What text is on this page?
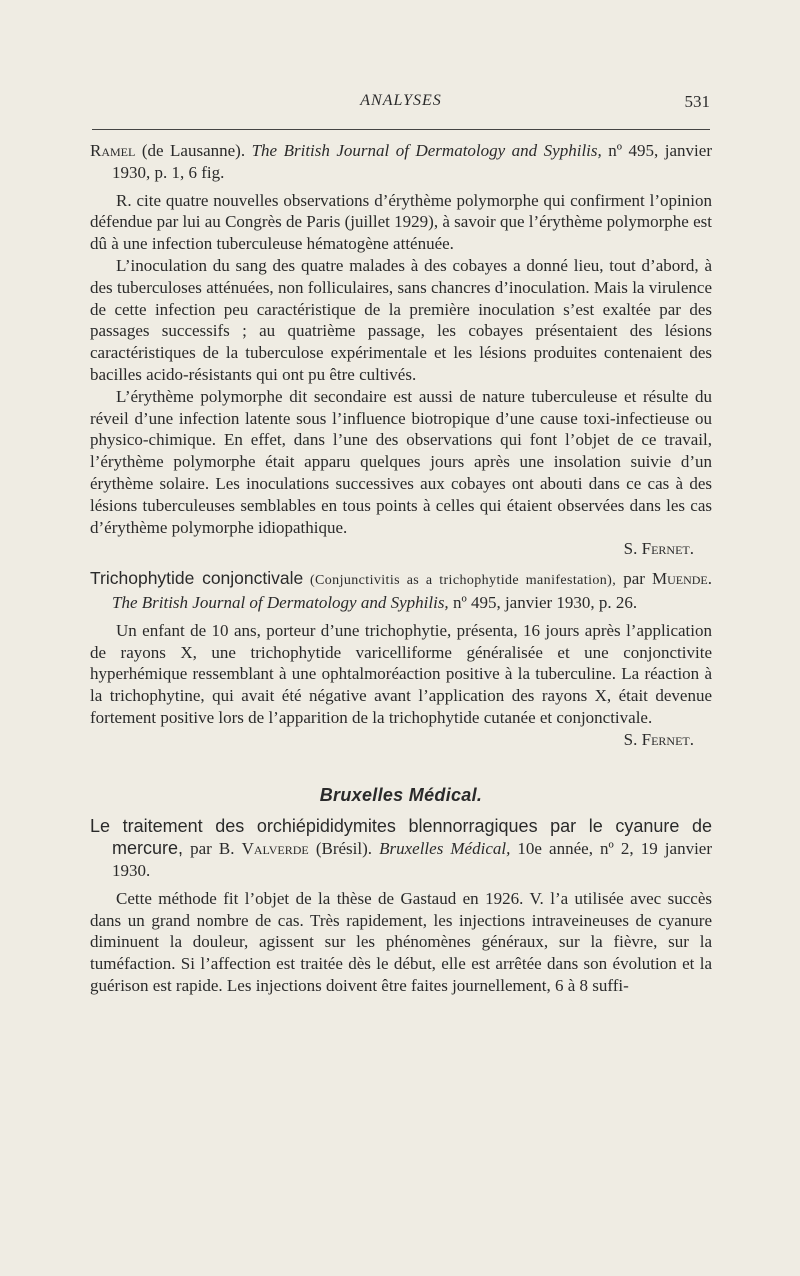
ANALYSES	531
Ramel (de Lausanne). The British Journal of Dermatology and Syphilis, nº 495, janvier 1930, p. 1, 6 fig.

R. cite quatre nouvelles observations d’érythème polymorphe qui confirment l’opinion défendue par lui au Congrès de Paris (juillet 1929), à savoir que l’érythème polymorphe est dû à une infection tuberculeuse hématogène atténuée.

L’inoculation du sang des quatre malades à des cobayes a donné lieu, tout d’abord, à des tuberculoses atténuées, non folliculaires, sans chancres d’inoculation. Mais la virulence de cette infection peu caractéristique de la première inoculation s’est exaltée par des passages successifs ; au quatrième passage, les cobayes présentaient des lésions caractéristiques de la tuberculose expérimentale et les lésions produites contenaient des bacilles acido-résistants qui ont pu être cultivés.

L’érythème polymorphe dit secondaire est aussi de nature tuberculeuse et résulte du réveil d’une infection latente sous l’influence biotropique d’une cause toxi-infectieuse ou physico-chimique. En effet, dans l’une des observations qui font l’objet de ce travail, l’érythème polymorphe était apparu quelques jours après une insolation suivie d’un érythème solaire. Les inoculations successives aux cobayes ont abouti dans ce cas à des lésions tuberculeuses semblables en tous points à celles qui étaient observées dans les cas d’érythème polymorphe idiopathique.

S. Fernet.
Trichophytide conjonctivale (Conjunctivitis as a trichophytide manifestation), par Muende. The British Journal of Dermatology and Syphilis, nº 495, janvier 1930, p. 26.

Un enfant de 10 ans, porteur d’une trichophytie, présenta, 16 jours après l’application de rayons X, une trichophytide varicelliforme généralisée et une conjonctivite hyperhémique ressemblant à une ophtalmoréaction positive à la tuberculine. La réaction à la trichophytine, qui avait été négative avant l’application des rayons X, était devenue fortement positive lors de l’apparition de la trichophytide cutanée et conjonctivale.

S. Fernet.
Bruxelles Médical.
Le traitement des orchiépididymites blennorragiques par le cyanure de mercure, par B. Valverde (Brésil). Bruxelles Médical, 10e année, nº 2, 19 janvier 1930.

Cette méthode fit l’objet de la thèse de Gastaud en 1926. V. l’a utilisée avec succès dans un grand nombre de cas. Très rapidement, les injections intraveineuses de cyanure diminuent la douleur, agissent sur les phénomènes généraux, sur la fièvre, sur la tuméfaction. Si l’affection est traitée dès le début, elle est arrêtée dans son évolution et la guérison est rapide. Les injections doivent être faites journellement, 6 à 8 suffi-
